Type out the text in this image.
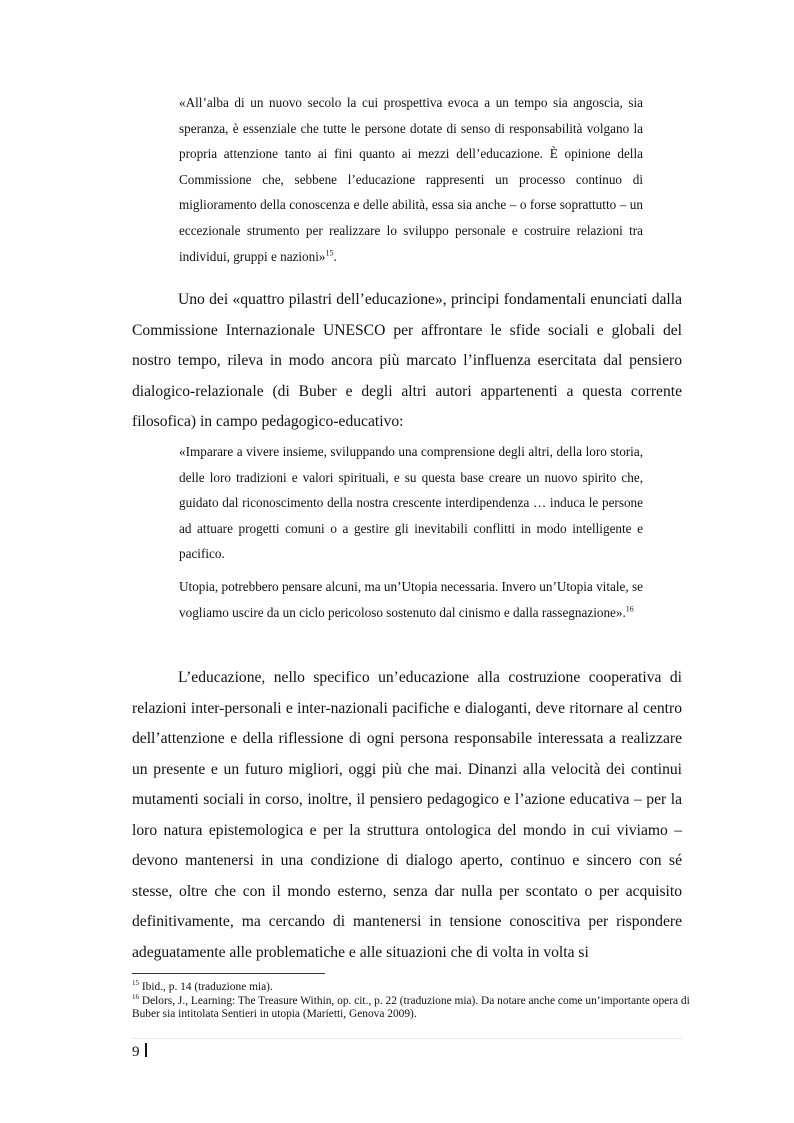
«All’alba di un nuovo secolo la cui prospettiva evoca a un tempo sia angoscia, sia speranza, è essenziale che tutte le persone dotate di senso di responsabilità volgano la propria attenzione tanto ai fini quanto ai mezzi dell’educazione. È opinione della Commissione che, sebbene l’educazione rappresenti un processo continuo di miglioramento della conoscenza e delle abilità, essa sia anche – o forse soprattutto – un eccezionale strumento per realizzare lo sviluppo personale e costruire relazioni tra individui, gruppi e nazioni»$^{15}$.

Uno dei «quattro pilastri dell’educazione», principi fondamentali enunciati dalla Commissione Internazionale UNESCO per affrontare le sfide sociali e globali del nostro tempo, rileva in modo ancora più marcato l’influenza esercitata dal pensiero dialogico-relazionale (di Buber e degli altri autori appartenenti a questa corrente filosofica) in campo pedagogico-educativo:

«Imparare a vivere insieme, sviluppando una comprensione degli altri, della loro storia, delle loro tradizioni e valori spirituali, e su questa base creare un nuovo spirito che, guidato dal riconoscimento della nostra crescente interdipendenza … induca le persone ad attuare progetti comuni o a gestire gli inevitabili conflitti in modo intelligente e pacifico.

Utopia, potrebbero pensare alcuni, ma un’Utopia necessaria. Invero un’Utopia vitale, se vogliamo uscire da un ciclo pericoloso sostenuto dal cinismo e dalla rassegnazione».$^{16}$

L’educazione, nello specifico un’educazione alla costruzione cooperativa di relazioni inter-personali e inter-nazionali pacifiche e dialoganti, deve ritornare al centro dell’attenzione e della riflessione di ogni persona responsabile interessata a realizzare un presente e un futuro migliori, oggi più che mai. Dinanzi alla velocità dei continui mutamenti sociali in corso, inoltre, il pensiero pedagogico e l’azione educativa – per la loro natura epistemologica e per la struttura ontologica del mondo in cui viviamo – devono mantenersi in una condizione di dialogo aperto, continuo e sincero con sé stesse, oltre che con il mondo esterno, senza dar nulla per scontato o per acquisito definitivamente, ma cercando di mantenersi in tensione conoscitiva per rispondere adeguatamente alle problematiche e alle situazioni che di volta in volta si

$^{15}$ Ibid., p. 14 (traduzione mia).

$^{16}$ Delors, J., Learning: The Treasure Within, op. cit., p. 22 (traduzione mia). Da notare anche come un’importante opera di Buber sia intitolata Sentieri in utopia (Marietti, Genova 2009).

9
